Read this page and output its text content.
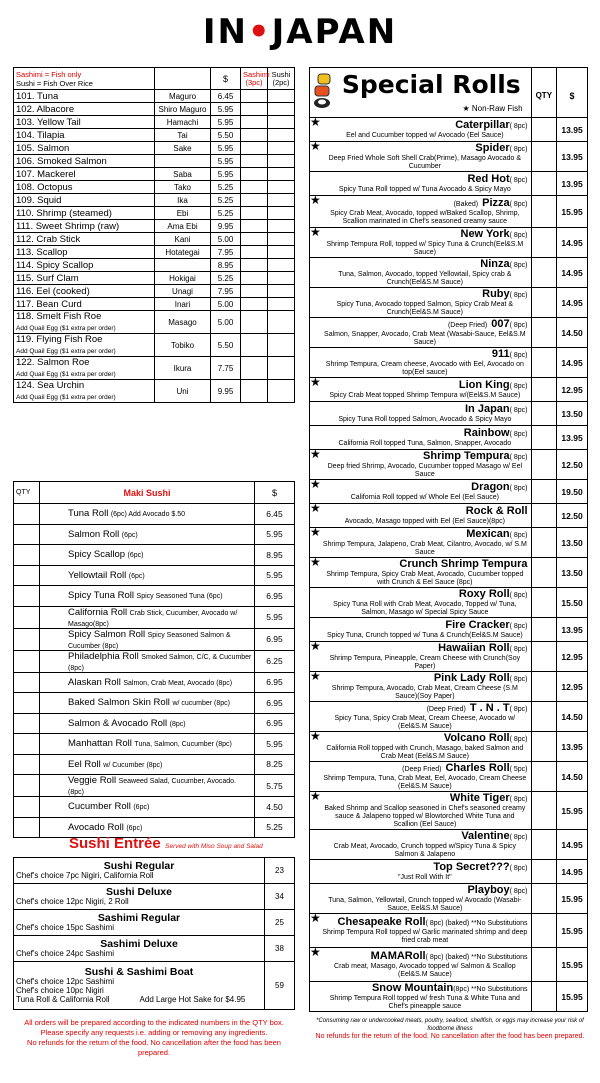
IN•JAPAN
Sashimi = Fish only
Sushi = Fish Over Rice		$	Sashimi
(3pc)	Sushi
(2pc)
101. Tuna	Maguro	6.45		
102. Albacore	Shiro Maguro	5.95		
103. Yellow Tail	Hamachi	5.95		
104. Tilapia	Tai	5.50		
105. Salmon	Sake	5.95		
106. Smoked Salmon		5.95		
107. Mackerel	Saba	5.95		
108. Octopus	Tako	5.25		
109. Squid	Ika	5.25		
110. Shrimp (steamed)	Ebi	5.25		
111. Sweet Shrimp (raw)	Ama Ebi	9.95		
112. Crab Stick	Kani	5.00		
113. Scallop	Hotategai	7.95		
114. Spicy Scallop		8.95		
115. Surf Clam	Hokigai	5.25		
116. Eel (cooked)	Unagi	7.95		
117. Bean Curd	Inari	5.00		
118. Smelt Fish Roe
Add Quail Egg ($1 extra per order)	Masago	5.00		
119. Flying Fish Roe
Add Quail Egg ($1 extra per order)	Tobiko	5.50		
122. Salmon Roe
Add Quail Egg ($1 extra per order)	Ikura	7.75		
124. Sea Urchin
Add Quail Egg ($1 extra per order)	Uni	9.95		
QTY	Maki Sushi	$
	Tuna Roll (6pc) Add Avocado $.50	6.45
	Salmon Roll (6pc)	5.95
	Spicy Scallop (6pc)	8.95
	Yellowtail Roll (6pc)	5.95
	Spicy Tuna Roll Spicy Seasoned Tuna (6pc)	6.95
	California Roll Crab Stick, Cucumber, Avocado w/ Masago(8pc)	5.95
	Spicy Salmon Roll Spicy Seasoned Salmon & Cucumber (8pc)	6.95
	Philadelphia Roll Smoked Salmon, C/C, & Cucumber (8pc)	6.25
	Alaskan Roll Salmon, Crab Meat, Avocado (8pc)	6.95
	Baked Salmon Skin Roll w/ cucumber (8pc)	6.95
	Salmon & Avocado Roll (8pc)	6.95
	Manhattan Roll Tuna, Salmon, Cucumber (8pc)	5.95
	Eel Roll w/ Cucumber (8pc)	8.25
	Veggie Roll Seaweed Salad, Cucumber, Avocado. (8pc)	5.75
	Cucumber Roll (6pc)	4.50
	Avocado Roll (6pc)	5.25
Sushi Entrée Served with Miso Soup and Salad
Sushi Regular
Chef's choice 7pc Nigiri, California Roll	23

Sushi Deluxe
Chef's choice 12pc Nigiri, 2 Roll	34

Sashimi Regular
Chef's choice 15pc Sashimi	25

Sashimi Deluxe
Chef's choice 24pc Sashimi	38

Sushi & Sashimi Boat
Chef's choice 12pc Sashimi
Chef's choice 10pc Nigiri
Tuna Roll & California Roll Add Large Hot Sake for $4.95	59
All orders will be prepared according to the indicated numbers in the QTY box.
Please specify any requests i.e. adding or removing any ingredients.
No refunds for the return of the food. No cancellation after the food has been prepared.
Special Rolls
★ Non-Raw Fish		QTY	$
★	Caterpillar( 8pc)
Eel and Cucumber topped w/ Avocado (Eel Sauce)		13.95
★	Spider( 8pc)
Deep Fried Whole Soft Shell Crab(Prime), Masago Avocado & Cucumber		13.95

	Red Hot( 8pc)
Spicy Tuna Roll topped w/ Tuna Avocado & Spicy Mayo		13.95
★	(Baked) Pizza( 8pc)
Spicy Crab Meat, Avocado, topped w/Baked Scallop, Shrimp, Scallion marinated in Chef's seasoned creamy sauce		15.95
★	New York( 8pc)
Shrimp Tempura Roll, topped w/ Spicy Tuna & Crunch(Eel&S.M Sauce)		14.95

	Ninza( 8pc)
Tuna, Salmon, Avocado, topped Yellowtail, Spicy crab & Crunch(Eel&S.M Sauce)		14.95

	Ruby( 8pc)
Spicy Tuna, Avocado topped Salmon, Spicy Crab Meat & Crunch(Eel&S.M Sauce)		14.95

	(Deep Fried) 007( 8pc)
Salmon, Snapper, Avocado, Crab Meat (Wasabi-Sauce, Eel&S.M Sauce)		14.50

	911( 8pc)
Shrimp Tempura, Cream cheese, Avocado with Eel, Avocado on top(Eel sauce)		14.95
★	Lion King( 8pc)
Spicy Crab Meat topped Shrimp Tempura w/(Eel&S.M Sauce)		12.95

	In Japan( 8pc)
Spicy Tuna Roll topped Salmon, Avocado & Spicy Mayo		13.50

	Rainbow( 8pc)
California Roll topped Tuna, Salmon, Snapper, Avocado		13.95
★	Shrimp Tempura( 8pc)
Deep fried Shrimp, Avocado, Cucumber topped Masago w/ Eel Sauce		12.50
★	Dragon( 8pc)
California Roll topped w/ Whole Eel (Eel Sauce)		19.50
★	Rock & Roll
Avocado, Masago topped with Eel (Eel Sauce)(8pc)		12.50
★	Mexican( 8pc)
Shrimp Tempura, Jalapeno, Crab Meat, Cilantro, Avocado, w/ S.M Sauce		13.50
★	Crunch Shrimp Tempura
Shrimp Tempura, Spicy Crab Meat, Avocado, Cucumber topped with Crunch & Eel Sauce (8pc)		13.50

	Roxy Roll( 8pc)
Spicy Tuna Roll with Crab Meat, Avocado, Topped w/ Tuna, Salmon, Masago w/ Special Spicy Sauce		15.50

	Fire Cracker( 8pc)
Spicy Tuna, Crunch topped w/ Tuna & Crunch(Eel&S.M Sauce)		13.95
★	Hawaiian Roll( 8pc)
Shrimp Tempura, Pineapple, Cream Cheese with Crunch(Soy Paper)		12.95
★	Pink Lady Roll( 8pc)
Shrimp Tempura, Avocado, Crab Meat, Cream Cheese (S.M Sauce)(Soy Paper)		12.95

	(Deep Fried) T . N . T( 8pc)
Spicy Tuna, Spicy Crab Meat, Cream Cheese, Avocado w/ (Eel&S.M Sauce)		14.50
★	Volcano Roll( 8pc)
California Roll topped with Crunch, Masago, baked Salmon and Crab Meat (Eel&S.M Sauce)		13.95

	(Deep Fried) Charles Roll( 5pc)
Shrimp Tempura, Tuna, Crab Meat, Eel, Avocado, Cream Cheese (Eel&S.M Sauce)		14.50
★	White Tiger( 8pc)
Baked Shrimp and Scallop seasoned in Chef's seasoned creamy sauce & Jalapeno topped w/ Blowtorched White Tuna and Scallion (Eel Sauce)		15.95

	Valentine( 8pc)
Crab Meat, Avocado, Crunch topped w/Spicy Tuna & Spicy Salmon & Jalapeno		14.95

	Top Secret???( 8pc)
"Just Roll With It"		14.95

	Playboy( 8pc)
Tuna, Salmon, Yellowtail, Crunch topped w/ Avocado (Wasabi-Sauce, Eel&S.M Sauce)		15.95
★	Chesapeake Roll( 8pc) (baked) **No Substitutions
Shrimp Tempura Roll topped w/ Garlic marinated shrimp and deep fried crab meat		15.95
★	MAMARoll( 8pc) (baked) **No Substitutions
Crab meat, Masago, Avocado topped w/ Salmon & Scallop (Eel&S.M Sauce)		15.95

	Snow Mountain(8pc) **No Substitutions
Shrimp Tempura Roll topped w/ fresh Tuna & White Tuna and Chef's pineapple sauce		15.95
*Consuming raw or undercooked meats, poultry, seafood, shellfish, or eggs may increase your risk of foodborne illness
No refunds for the return of the food. No cancellation after the food has been prepared.
